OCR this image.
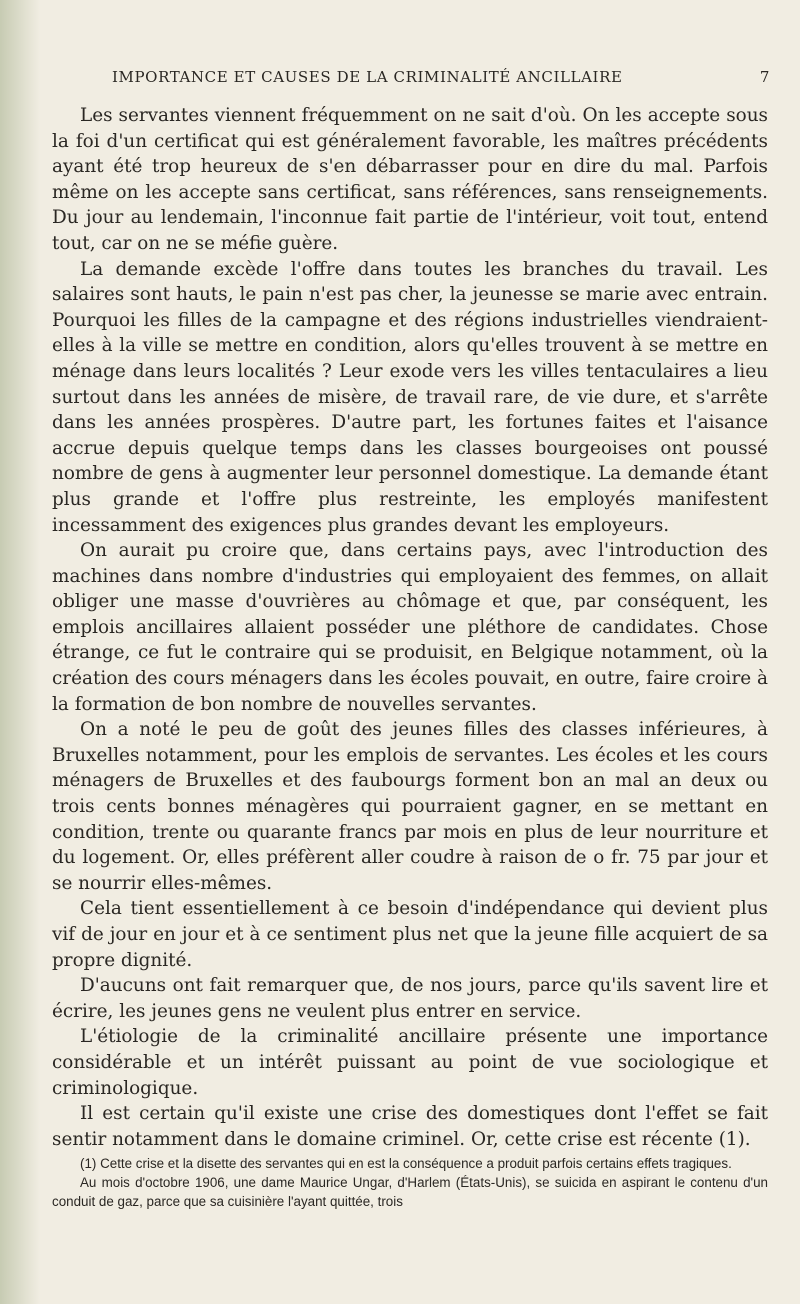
IMPORTANCE ET CAUSES DE LA CRIMINALITÉ ANCILLAIRE	7

Les servantes viennent fréquemment on ne sait d'où. On les accepte sous la foi d'un certificat qui est généralement favorable, les maîtres précédents ayant été trop heureux de s'en débarrasser pour en dire du mal. Parfois même on les accepte sans certificat, sans références, sans renseignements. Du jour au lendemain, l'inconnue fait partie de l'intérieur, voit tout, entend tout, car on ne se méfie guère.

La demande excède l'offre dans toutes les branches du travail. Les salaires sont hauts, le pain n'est pas cher, la jeunesse se marie avec entrain. Pourquoi les filles de la campagne et des régions industrielles viendraient-elles à la ville se mettre en condition, alors qu'elles trouvent à se mettre en ménage dans leurs localités ? Leur exode vers les villes tentaculaires a lieu surtout dans les années de misère, de travail rare, de vie dure, et s'arrête dans les années prospères. D'autre part, les fortunes faites et l'aisance accrue depuis quelque temps dans les classes bourgeoises ont poussé nombre de gens à augmenter leur personnel domestique. La demande étant plus grande et l'offre plus restreinte, les employés manifestent incessamment des exigences plus grandes devant les employeurs.

On aurait pu croire que, dans certains pays, avec l'introduction des machines dans nombre d'industries qui employaient des femmes, on allait obliger une masse d'ouvrières au chômage et que, par conséquent, les emplois ancillaires allaient posséder une pléthore de candidates. Chose étrange, ce fut le contraire qui se produisit, en Belgique notamment, où la création des cours ménagers dans les écoles pouvait, en outre, faire croire à la formation de bon nombre de nouvelles servantes.

On a noté le peu de goût des jeunes filles des classes inférieures, à Bruxelles notamment, pour les emplois de servantes. Les écoles et les cours ménagers de Bruxelles et des faubourgs forment bon an mal an deux ou trois cents bonnes ménagères qui pourraient gagner, en se mettant en condition, trente ou quarante francs par mois en plus de leur nourriture et du logement. Or, elles préfèrent aller coudre à raison de o fr. 75 par jour et se nourrir elles-mêmes.

Cela tient essentiellement à ce besoin d'indépendance qui devient plus vif de jour en jour et à ce sentiment plus net que la jeune fille acquiert de sa propre dignité.

D'aucuns ont fait remarquer que, de nos jours, parce qu'ils savent lire et écrire, les jeunes gens ne veulent plus entrer en service.

L'étiologie de la criminalité ancillaire présente une importance considérable et un intérêt puissant au point de vue sociologique et criminologique.

Il est certain qu'il existe une crise des domestiques dont l'effet se fait sentir notamment dans le domaine criminel. Or, cette crise est récente (1).

(1) Cette crise et la disette des servantes qui en est la conséquence a produit parfois certains effets tragiques.

Au mois d'octobre 1906, une dame Maurice Ungar, d'Harlem (États-Unis), se suicida en aspirant le contenu d'un conduit de gaz, parce que sa cuisinière l'ayant quittée, trois
